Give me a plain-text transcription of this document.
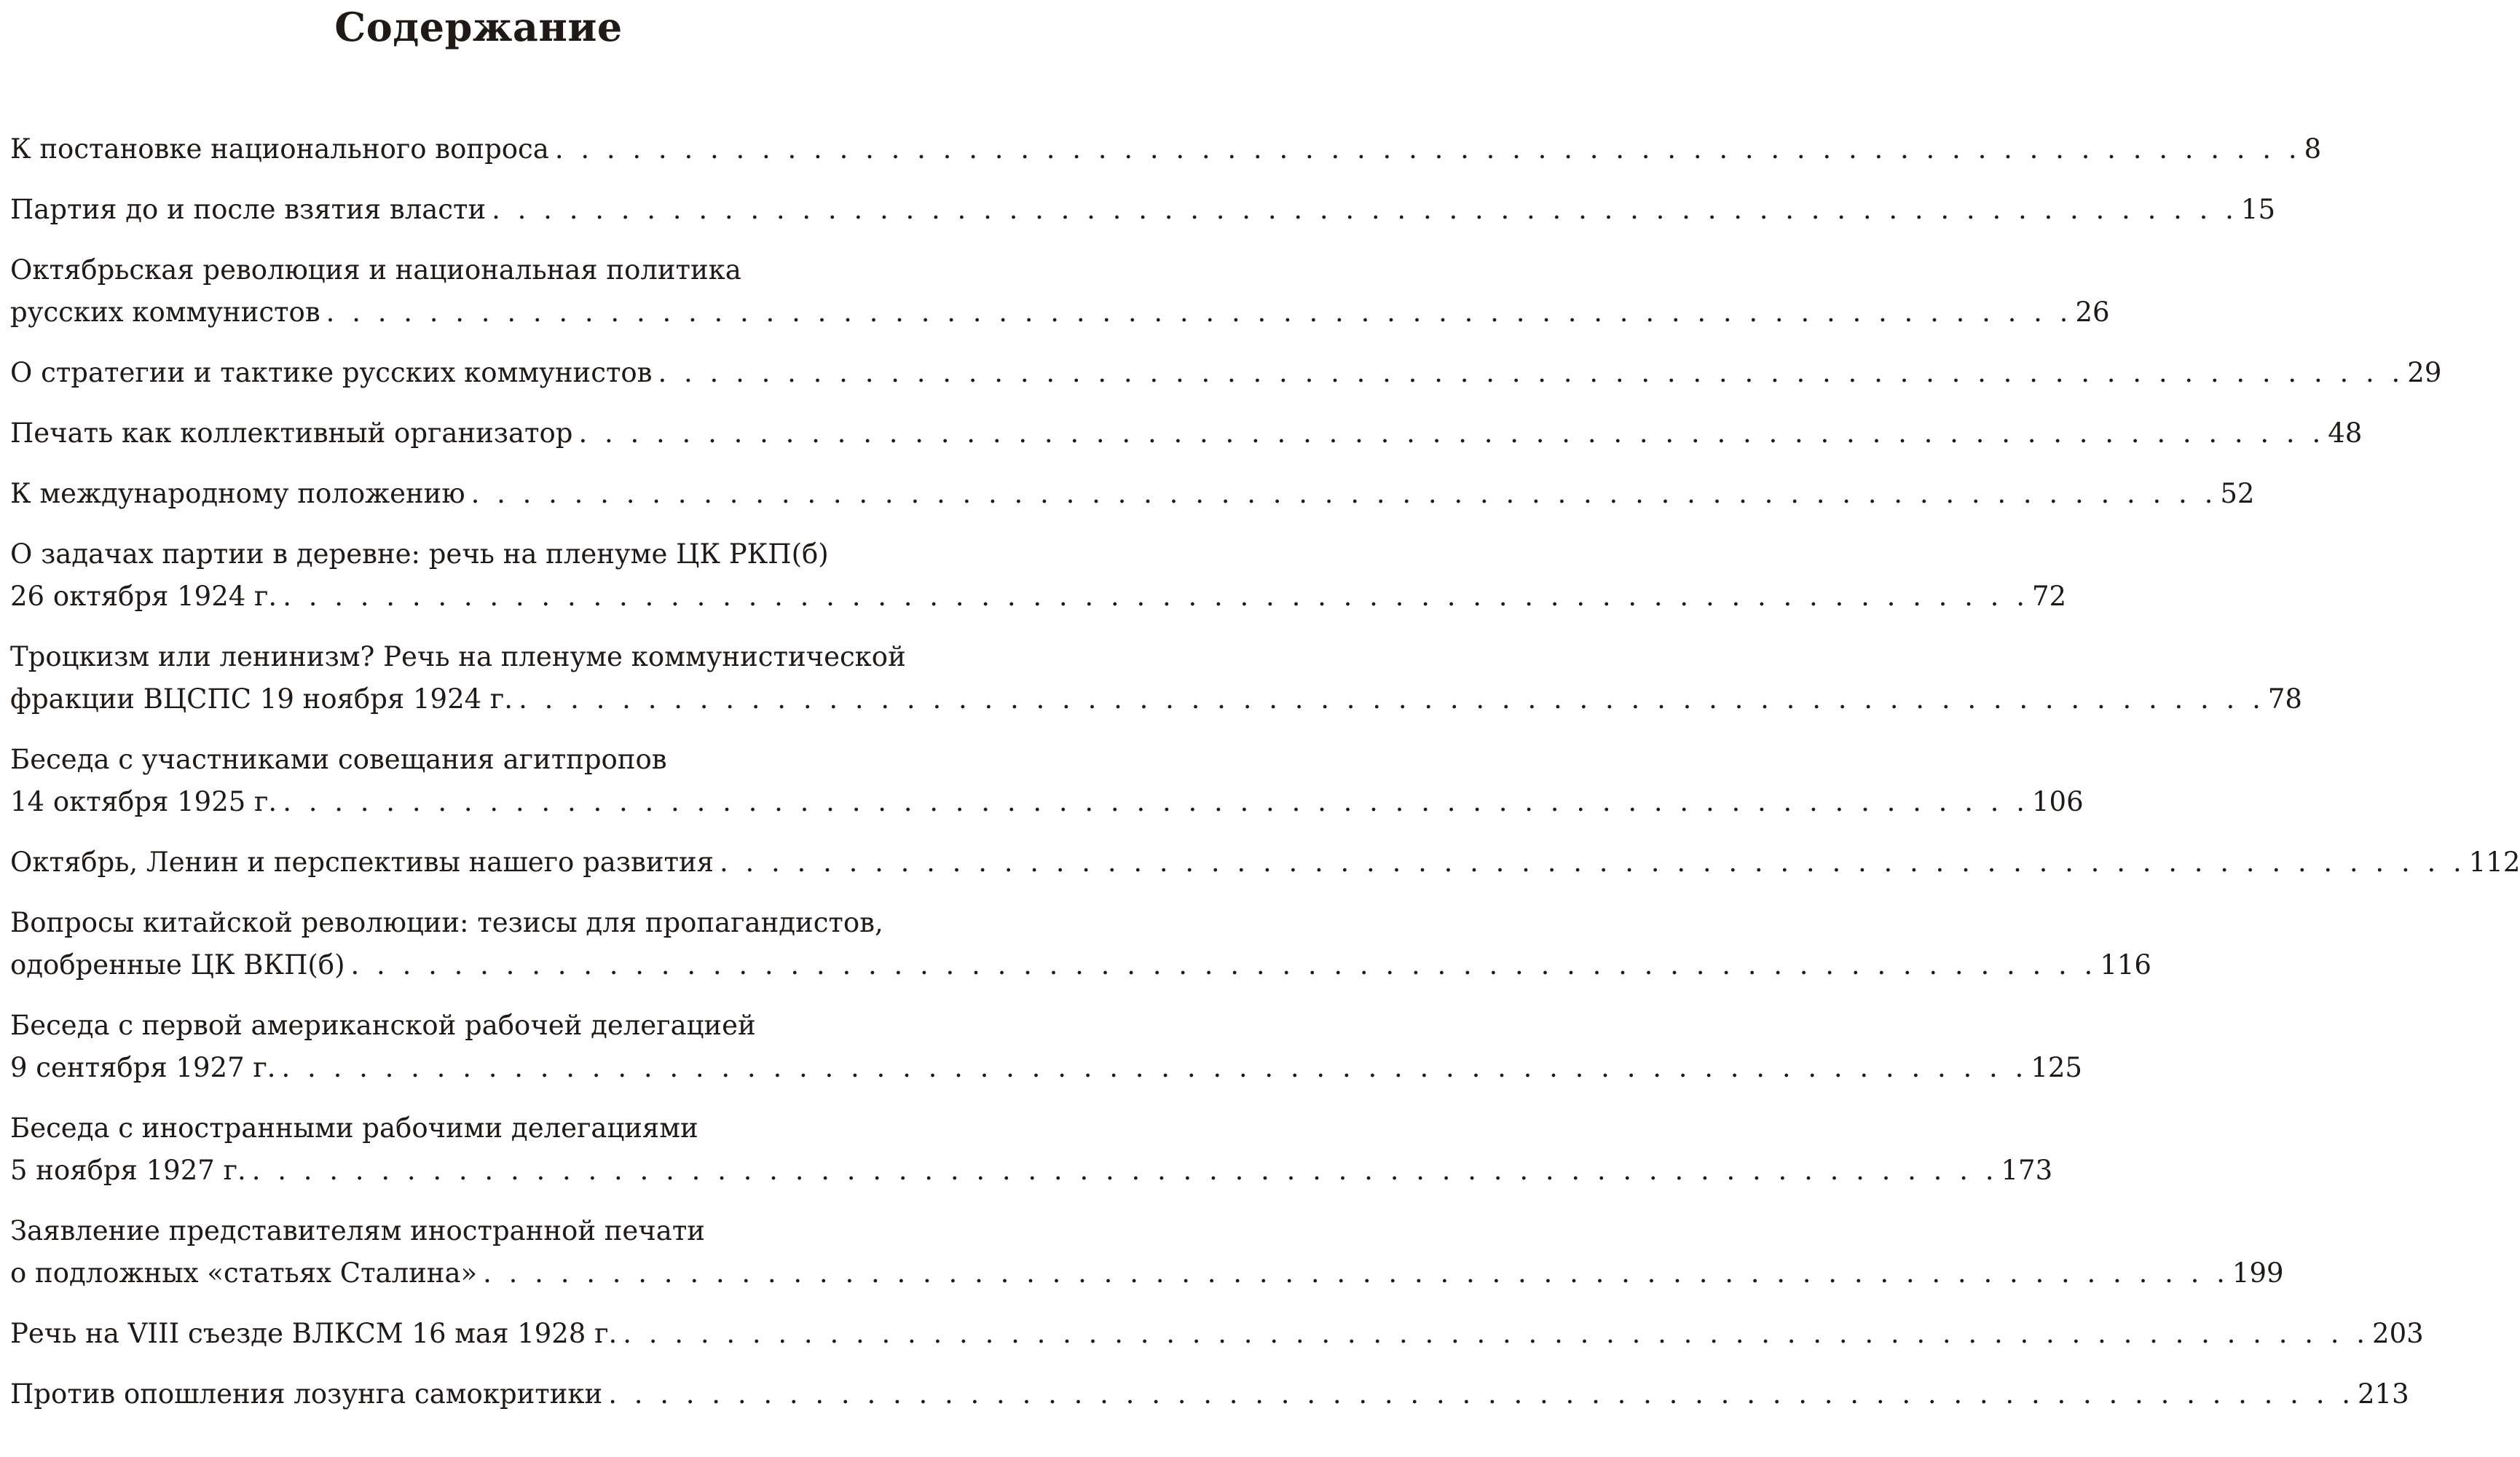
Содержание
К постановке национального вопроса . . . . . . . . . . . . . . . . . . . . . . . . . . . . . . . . . . . . . . . . . . . . . . . . . . . . . . . . . . . . . . . . . . . . 8
Партия до и после взятия власти . . . . . . . . . . . . . . . . . . . . . . . . . . . . . . . . . . . . . . . . . . . . . . . . . . . . . . . . . . . . . . . . . . . . 15
Октябрьская революция и национальная политика
русских коммунистов . . . . . . . . . . . . . . . . . . . . . . . . . . . . . . . . . . . . . . . . . . . . . . . . . . . . . . . . . . . . . . . . . . . . 26
О стратегии и тактике русских коммунистов . . . . . . . . . . . . . . . . . . . . . . . . . . . . . . . . . . . . . . . . . . . . . . . . . . . . . . . . . . . . . . . . . . . . 29
Печать как коллективный организатор . . . . . . . . . . . . . . . . . . . . . . . . . . . . . . . . . . . . . . . . . . . . . . . . . . . . . . . . . . . . . . . . . . . . 48
К международному положению . . . . . . . . . . . . . . . . . . . . . . . . . . . . . . . . . . . . . . . . . . . . . . . . . . . . . . . . . . . . . . . . . . . . 52
О задачах партии в деревне: речь на пленуме ЦК РКП(б)
26 октября 1924 г. . . . . . . . . . . . . . . . . . . . . . . . . . . . . . . . . . . . . . . . . . . . . . . . . . . . . . . . . . . . . . . . . . . . . 72
Троцкизм или ленинизм? Речь на пленуме коммунистической
фракции ВЦСПС 19 ноября 1924 г. . . . . . . . . . . . . . . . . . . . . . . . . . . . . . . . . . . . . . . . . . . . . . . . . . . . . . . . . . . . . . . . . . . . . 78
Беседа с участниками совещания агитпропов
14 октября 1925 г. . . . . . . . . . . . . . . . . . . . . . . . . . . . . . . . . . . . . . . . . . . . . . . . . . . . . . . . . . . . . . . . . . . . . 106
Октябрь, Ленин и перспективы нашего развития . . . . . . . . . . . . . . . . . . . . . . . . . . . . . . . . . . . . . . . . . . . . . . . . . . . . . . . . . . . . . . . . . . . . 112
Вопросы китайской революции: тезисы для пропагандистов,
одобренные ЦК ВКП(б) . . . . . . . . . . . . . . . . . . . . . . . . . . . . . . . . . . . . . . . . . . . . . . . . . . . . . . . . . . . . . . . . . . . . 116
Беседа с первой американской рабочей делегацией
9 сентября 1927 г. . . . . . . . . . . . . . . . . . . . . . . . . . . . . . . . . . . . . . . . . . . . . . . . . . . . . . . . . . . . . . . . . . . . . 125
Беседа с иностранными рабочими делегациями
5 ноября 1927 г. . . . . . . . . . . . . . . . . . . . . . . . . . . . . . . . . . . . . . . . . . . . . . . . . . . . . . . . . . . . . . . . . . . . . 173
Заявление представителям иностранной печати
о подложных «статьях Сталина» . . . . . . . . . . . . . . . . . . . . . . . . . . . . . . . . . . . . . . . . . . . . . . . . . . . . . . . . . . . . . . . . . . . . 199
Речь на VIII съезде ВЛКСМ 16 мая 1928 г. . . . . . . . . . . . . . . . . . . . . . . . . . . . . . . . . . . . . . . . . . . . . . . . . . . . . . . . . . . . . . . . . . . . . 203
Против опошления лозунга самокритики . . . . . . . . . . . . . . . . . . . . . . . . . . . . . . . . . . . . . . . . . . . . . . . . . . . . . . . . . . . . . . . . . . . . 213
